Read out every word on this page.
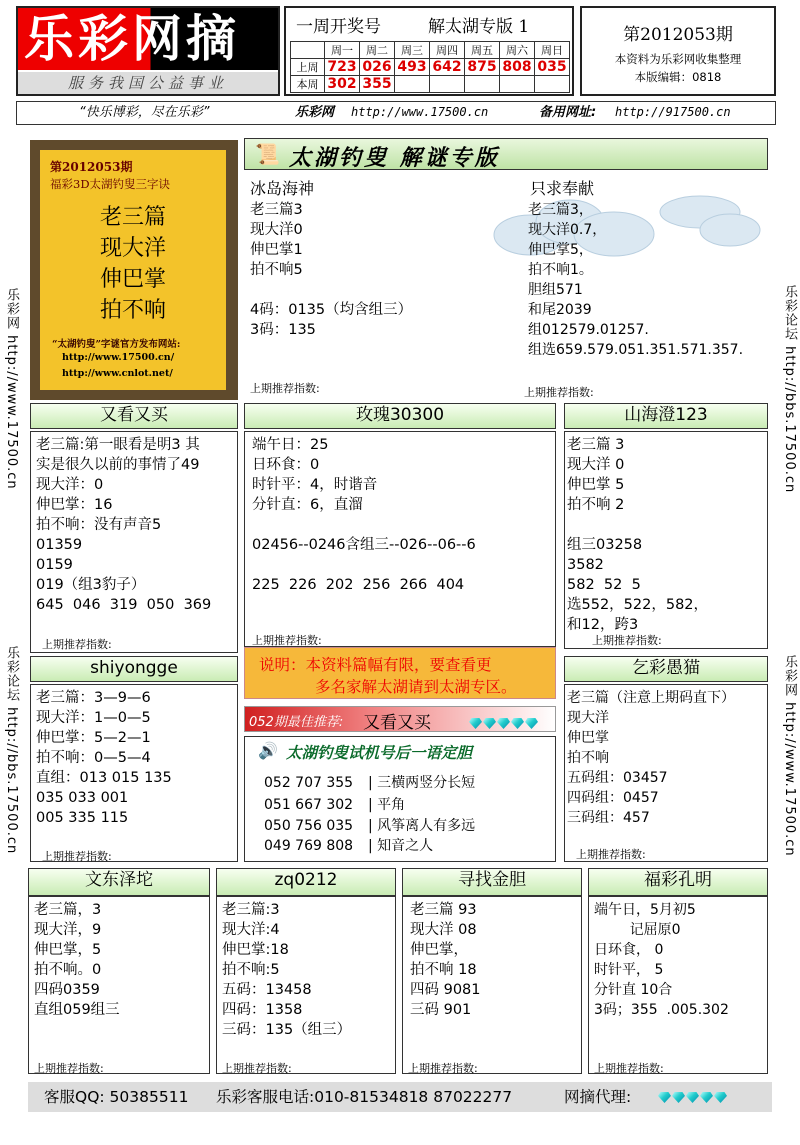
乐彩网摘
服务我国公益事业
一周开奖号	解太湖专版 1
	周一	周二	周三	周四	周五	周六	周日
上周	723	026	493	642	875	808	035
本周	302	355					
第2012053期
本资料为乐彩网收集整理
本版编辑：0818
“快乐博彩，尽在乐彩”	乐彩网 http://www.17500.cn	备用网址: http://917500.cn
乐彩网 http://www.17500.cn
乐彩论坛 http://bbs.17500.cn
乐彩论坛 http://bbs.17500.cn
乐彩网 http://www.17500.cn
第2012053期
福彩3D太湖钓叟三字诀
老三篇
现大洋
伸巴掌
拍不响
“太湖钓叟”字谜官方发布网站:
http://www.17500.cn/
http://www.cnlot.net/
📜 太湖钓叟 解谜专版
冰岛海神
老三篇3
现大洋0
伸巴掌1
拍不响5

4码：0135（均含组三）
3码：135
上期推荐指数:
只求奉献
老三篇3，
现大洋0.7，
伸巴掌5，
拍不响1。
胆组571
和尾2039
组012579.01257.
组选659.579.051.351.571.357.
上期推荐指数:
又看又买
老三篇:第一眼看是明3 其
实是很久以前的事情了49
现大洋：0
伸巴掌：16
拍不响：没有声音5
01359
0159
019（组3豹子）
645  046  319  050  369
上期推荐指数:
玫瑰30300
端午日：25
日环食：0
时针平：4，时谐音
分针直：6，直溜

02456--0246含组三--026--06--6

225  226  202  256  266  404
上期推荐指数:
山海澄123
老三篇 3
现大洋 0
伸巴掌 5
拍不响 2

组三03258
3582
582  52  5
选552，522，582，
和12，跨3
上期推荐指数:
shiyongge
老三篇：3—9—6
现大洋：1—0—5
伸巴掌：5—2—1
拍不响：0—5—4
直组：013 015 135
035 033 001
005 335 115
上期推荐指数:
说明：本资料篇幅有限，要查看更
多名家解太湖请到太湖专区。
052期最佳推荐: 又看又买
🔊 太湖钓叟试机号后一语定胆
052 707 355 | 三横两竖分长短
051 667 302 | 平角
050 756 035 | 风筝离人有多远
049 769 808 | 知音之人
乞彩愚猫
老三篇（注意上期码直下）
现大洋
伸巴掌
拍不响
五码组：03457
四码组：0457
三码组：457
上期推荐指数:
文东泽坨
老三篇，3
现大洋，9
伸巴掌，5
拍不响。0
四码0359
直组059组三
上期推荐指数:
zq0212
老三篇:3
现大洋:4
伸巴掌:18
拍不响:5
五码：13458
四码：1358
三码：135（组三）
上期推荐指数:
寻找金胆
老三篇 93
现大洋 08
伸巴掌，
拍不响 18
四码 9081
三码 901
上期推荐指数:
福彩孔明
端午日，5月初5
记屈原0
日环食， 0
时针平， 5
分针直 10合
3码；355  .005.302
上期推荐指数:
客服QQ: 50385511 乐彩客服电话:010-81534818 87022277	网摘代理:
